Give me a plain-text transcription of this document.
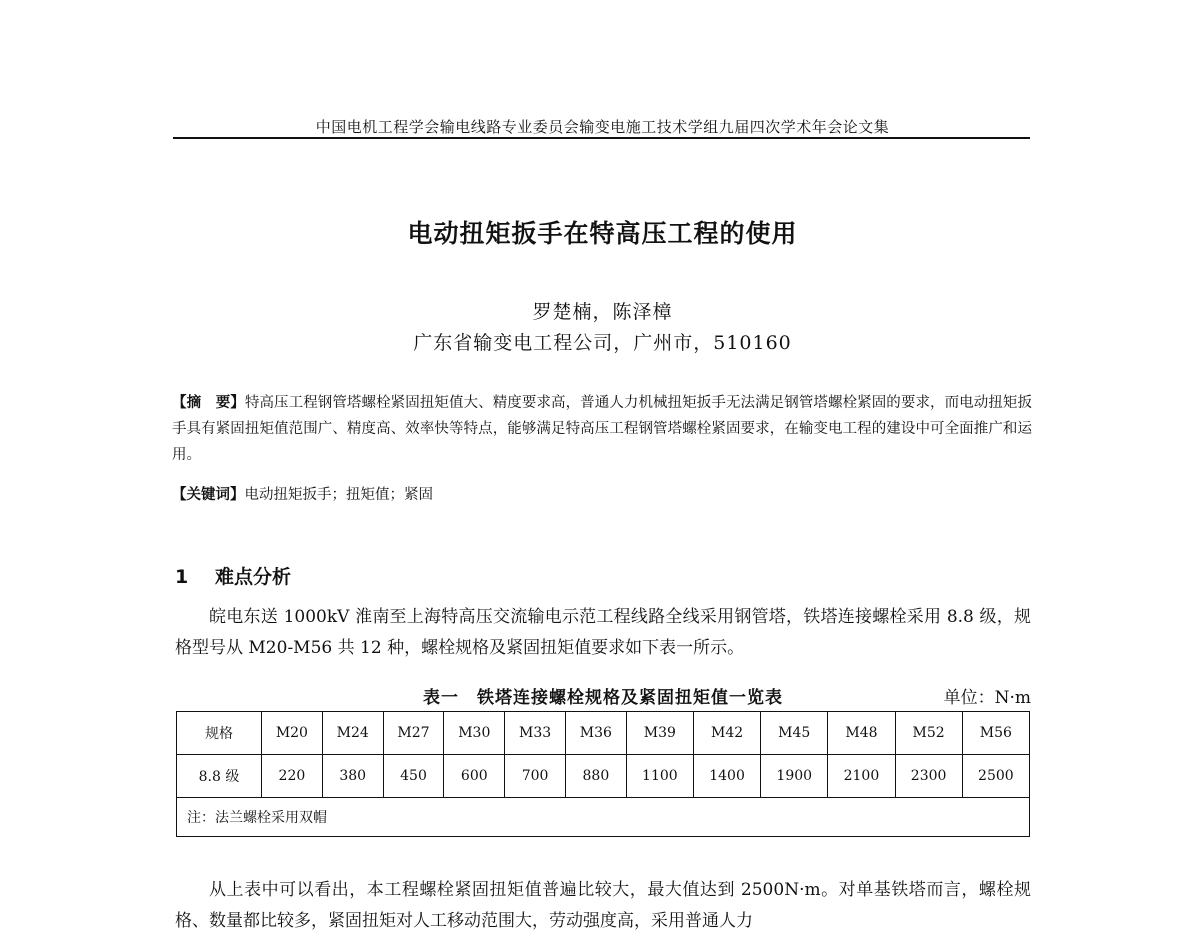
中国电机工程学会输电线路专业委员会输变电施工技术学组九届四次学术年会论文集
电动扭矩扳手在特高压工程的使用
罗楚楠，陈泽樟
广东省输变电工程公司，广州市，510160
【摘　要】特高压工程钢管塔螺栓紧固扭矩值大、精度要求高，普通人力机械扭矩扳手无法满足钢管塔螺栓紧固的要求，而电动扭矩扳手具有紧固扭矩值范围广、精度高、效率快等特点，能够满足特高压工程钢管塔螺栓紧固要求，在输变电工程的建设中可全面推广和运用。
【关键词】电动扭矩扳手；扭矩值；紧固
1 难点分析
皖电东送 1000kV 淮南至上海特高压交流输电示范工程线路全线采用钢管塔，铁塔连接螺栓采用 8.8 级，规格型号从 M20-M56 共 12 种，螺栓规格及紧固扭矩值要求如下表一所示。
表一　铁塔连接螺栓规格及紧固扭矩值一览表	单位：N·m
规格	M20	M24	M27	M30	M33	M36	M39	M42	M45	M48	M52	M56
8.8 级	220	380	450	600	700	880	1100	1400	1900	2100	2300	2500
注：法兰螺栓采用双帽												
从上表中可以看出，本工程螺栓紧固扭矩值普遍比较大，最大值达到 2500N·m。对单基铁塔而言，螺栓规格、数量都比较多，紧固扭矩对人工移动范围大，劳动强度高，采用普通人力
